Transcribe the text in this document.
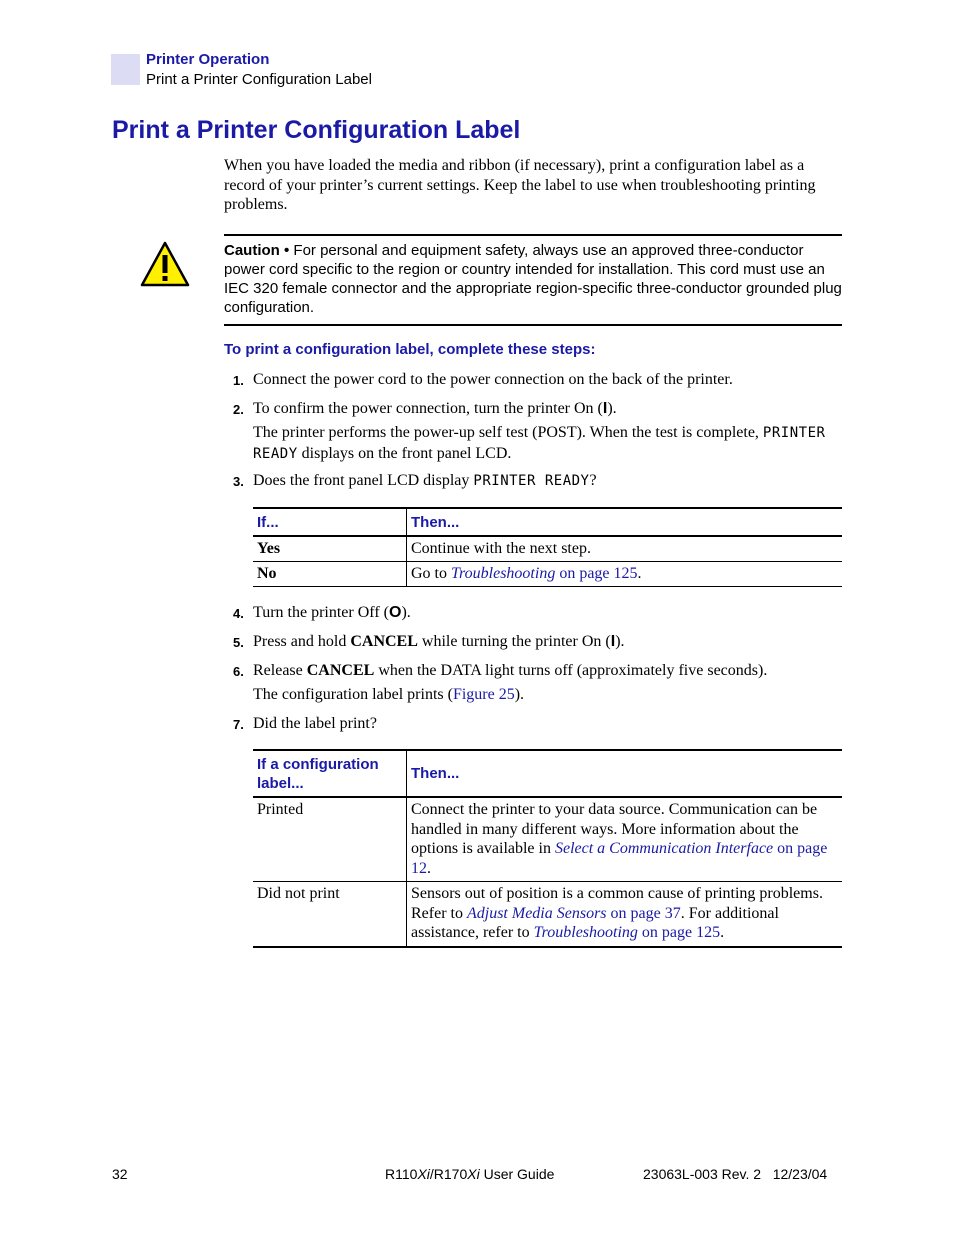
Printer Operation
Print a Printer Configuration Label
Print a Printer Configuration Label

When you have loaded the media and ribbon (if necessary), print a configuration label as a record of your printer’s current settings. Keep the label to use when troubleshooting printing problems.

Caution • For personal and equipment safety, always use an approved three-conductor power cord specific to the region or country intended for installation. This cord must use an IEC 320 female connector and the appropriate region-specific three-conductor grounded plug configuration.

To print a configuration label, complete these steps:

1. Connect the power cord to the power connection on the back of the printer.
2. To confirm the power connection, turn the printer On (I).
The printer performs the power-up self test (POST). When the test is complete, PRINTER READY displays on the front panel LCD.
3. Does the front panel LCD display PRINTER READY?
If...	Then...
Yes	Continue with the next step.
No	Go to Troubleshooting on page 125.
4. Turn the printer Off (O).
5. Press and hold CANCEL while turning the printer On (I).
6. Release CANCEL when the DATA light turns off (approximately five seconds).
The configuration label prints (Figure 25).
7. Did the label print?
If a configuration label...	Then...
Printed	Connect the printer to your data source. Communication can be handled in many different ways. More information about the options is available in Select a Communication Interface on page 12.
Did not print	Sensors out of position is a common cause of printing problems. Refer to Adjust Media Sensors on page 37. For additional assistance, refer to Troubleshooting on page 125.
32	R110Xi/R170Xi User Guide	23063L-003 Rev. 2   12/23/04
